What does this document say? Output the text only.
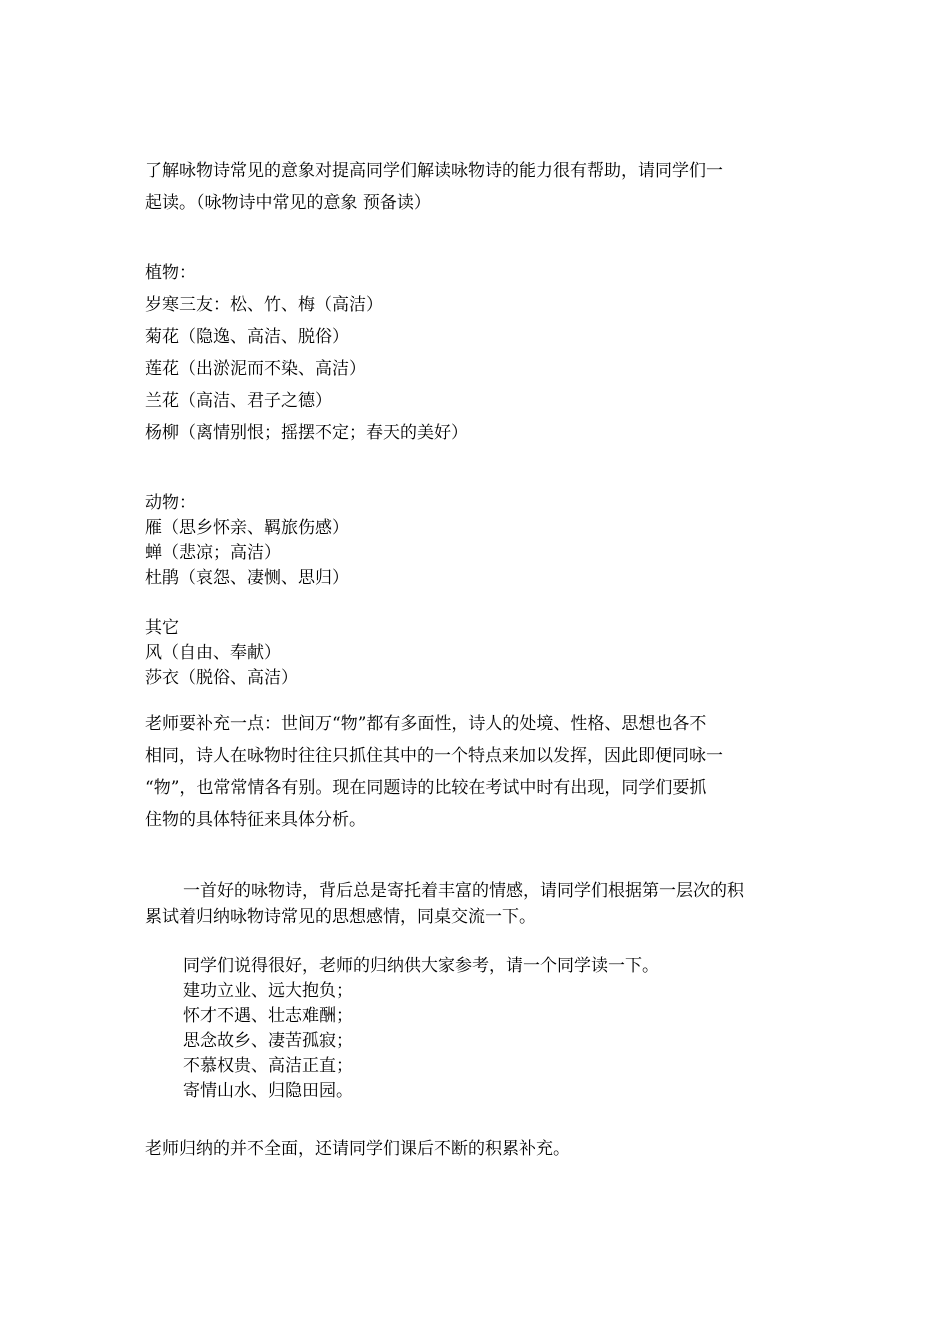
了解咏物诗常见的意象对提高同学们解读咏物诗的能力很有帮助，请同学们一
起读。（咏物诗中常见的意象 预备读）
植物：
岁寒三友：松、竹、梅（高洁）
菊花（隐逸、高洁、脱俗）
莲花（出淤泥而不染、高洁）
兰花（高洁、君子之德）
杨柳（离情别恨；摇摆不定；春天的美好）
动物：
雁（思乡怀亲、羁旅伤感）
蝉（悲凉；高洁）
杜鹃（哀怨、凄恻、思归）
其它
风（自由、奉献）
莎衣（脱俗、高洁）
老师要补充一点：世间万“物”都有多面性，诗人的处境、性格、思想也各不
相同，诗人在咏物时往往只抓住其中的一个特点来加以发挥，因此即便同咏一
“物”，也常常情各有别。现在同题诗的比较在考试中时有出现，同学们要抓
住物的具体特征来具体分析。
一首好的咏物诗，背后总是寄托着丰富的情感，请同学们根据第一层次的积
累试着归纳咏物诗常见的思想感情，同桌交流一下。
同学们说得很好，老师的归纳供大家参考，请一个同学读一下。
建功立业、远大抱负；
怀才不遇、壮志难酬；
思念故乡、凄苦孤寂；
不慕权贵、高洁正直；
寄情山水、归隐田园。
老师归纳的并不全面，还请同学们课后不断的积累补充。
